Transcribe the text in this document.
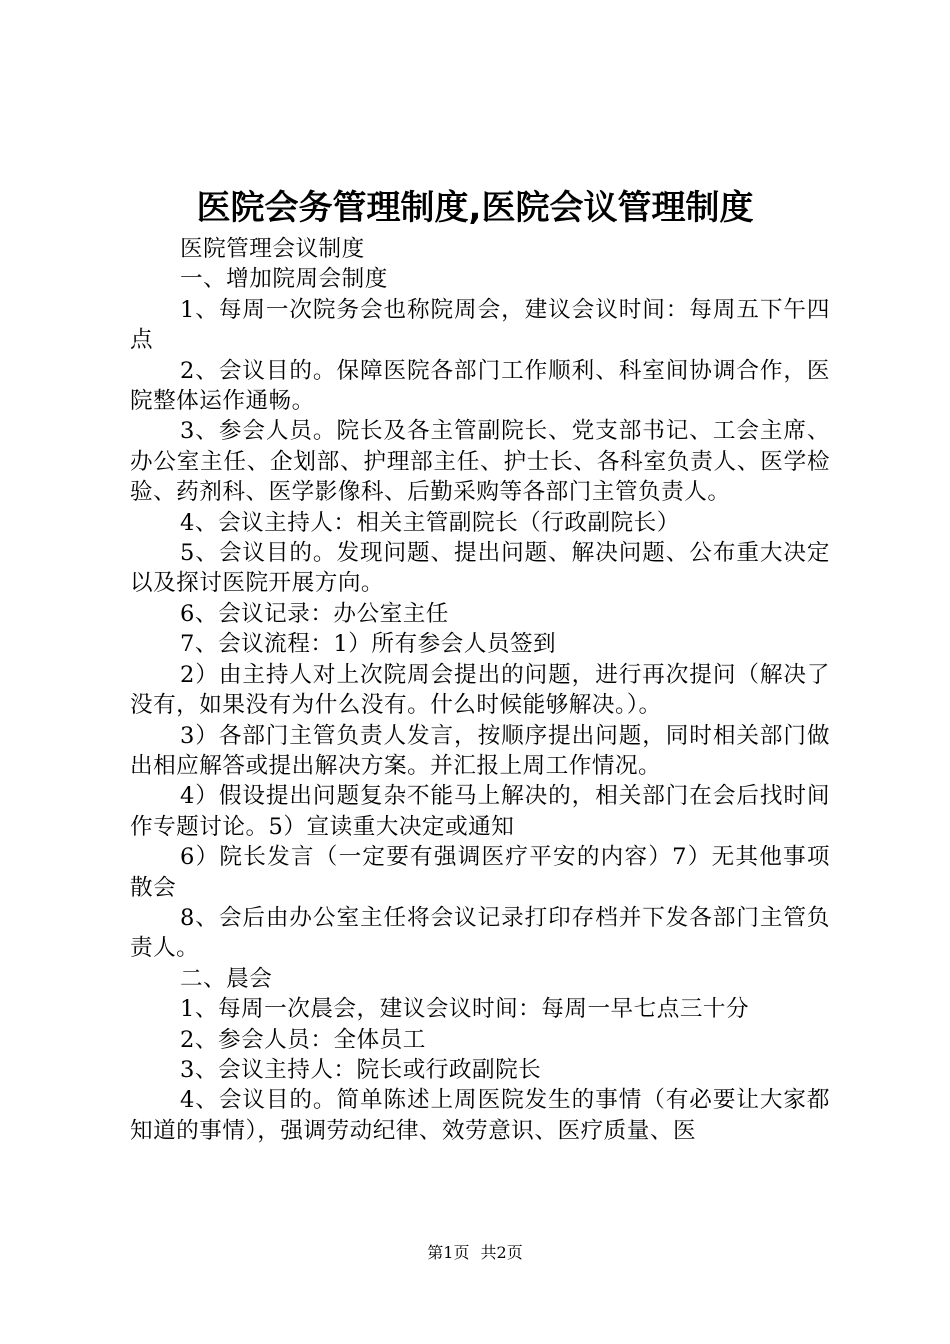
医院会务管理制度,医院会议管理制度

医院管理会议制度

一、增加院周会制度

1、每周一次院务会也称院周会，建议会议时间：每周五下午四点

2、会议目的。保障医院各部门工作顺利、科室间协调合作，医院整体运作通畅。

3、参会人员。院长及各主管副院长、党支部书记、工会主席、办公室主任、企划部、护理部主任、护士长、各科室负责人、医学检验、药剂科、医学影像科、后勤采购等各部门主管负责人。

4、会议主持人：相关主管副院长（行政副院长）

5、会议目的。发现问题、提出问题、解决问题、公布重大决定以及探讨医院开展方向。

6、会议记录：办公室主任

7、会议流程：1）所有参会人员签到

2）由主持人对上次院周会提出的问题，进行再次提问（解决了没有，如果没有为什么没有。什么时候能够解决。）。

3）各部门主管负责人发言，按顺序提出问题，同时相关部门做出相应解答或提出解决方案。并汇报上周工作情况。

4）假设提出问题复杂不能马上解决的，相关部门在会后找时间作专题讨论。5）宣读重大决定或通知

6）院长发言（一定要有强调医疗平安的内容）7）无其他事项散会

8、会后由办公室主任将会议记录打印存档并下发各部门主管负责人。

二、晨会

1、每周一次晨会，建议会议时间：每周一早七点三十分

2、参会人员：全体员工

3、会议主持人：院长或行政副院长

4、会议目的。简单陈述上周医院发生的事情（有必要让大家都知道的事情），强调劳动纪律、效劳意识、医疗质量、医

第1页 共2页
